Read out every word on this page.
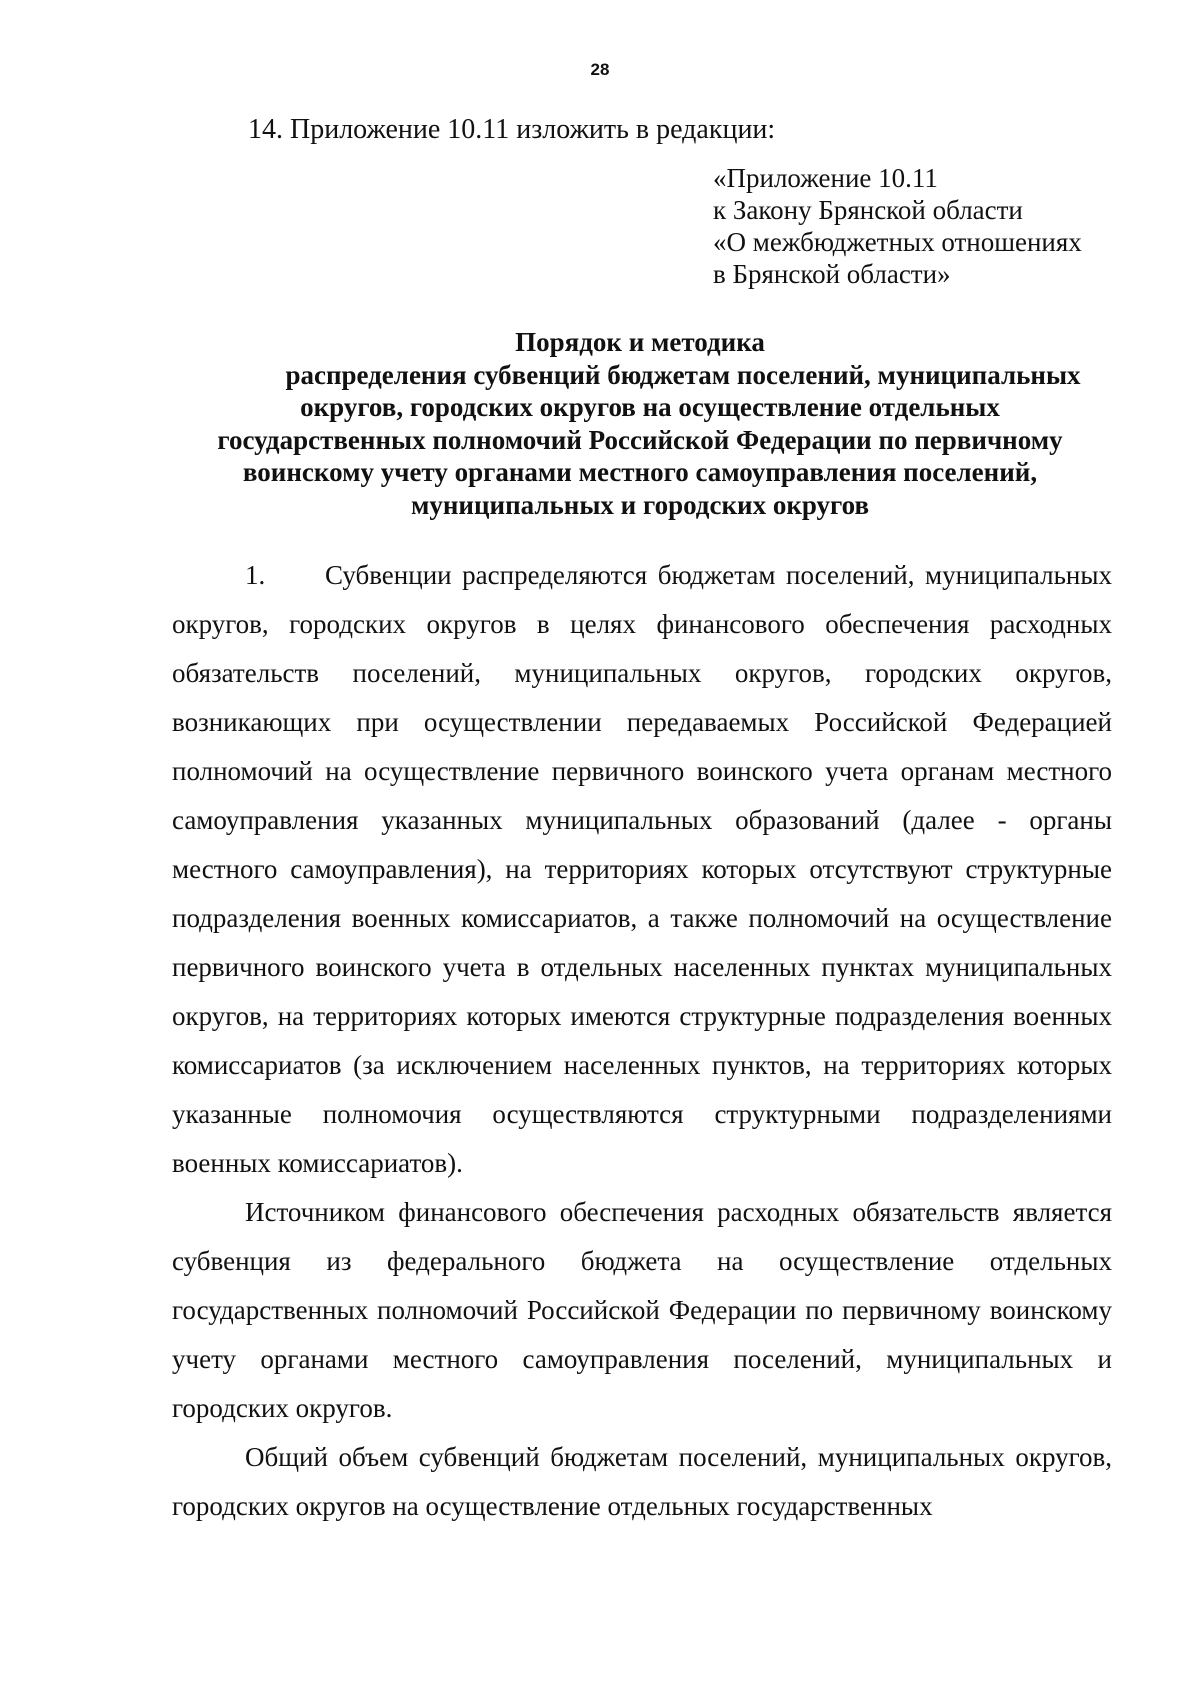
28
14. Приложение 10.11 изложить в редакции:
«Приложение 10.11
к Закону Брянской области
«О межбюджетных отношениях
в Брянской области»
Порядок и методика
распределения субвенций бюджетам поселений, муниципальных
округов, городских округов на осуществление отдельных
государственных полномочий Российской Федерации по первичному
воинскому учету органами местного самоуправления поселений,
муниципальных и городских округов

1. Субвенции распределяются бюджетам поселений, муниципальных округов, городских округов в целях финансового обеспечения расходных обязательств поселений, муниципальных округов, городских округов, возникающих при осуществлении передаваемых Российской Федерацией полномочий на осуществление первичного воинского учета органам местного самоуправления указанных муниципальных образований (далее - органы местного самоуправления), на территориях которых отсутствуют структурные подразделения военных комиссариатов, а также полномочий на осуществление первичного воинского учета в отдельных населенных пунктах муниципальных округов, на территориях которых имеются структурные подразделения военных комиссариатов (за исключением населенных пунктов, на территориях которых указанные полномочия осуществляются структурными подразделениями военных комиссариатов).

Источником финансового обеспечения расходных обязательств является субвенция из федерального бюджета на осуществление отдельных государственных полномочий Российской Федерации по первичному воинскому учету органами местного самоуправления поселений, муниципальных и городских округов.

Общий объем субвенций бюджетам поселений, муниципальных округов, городских округов на осуществление отдельных государственных
